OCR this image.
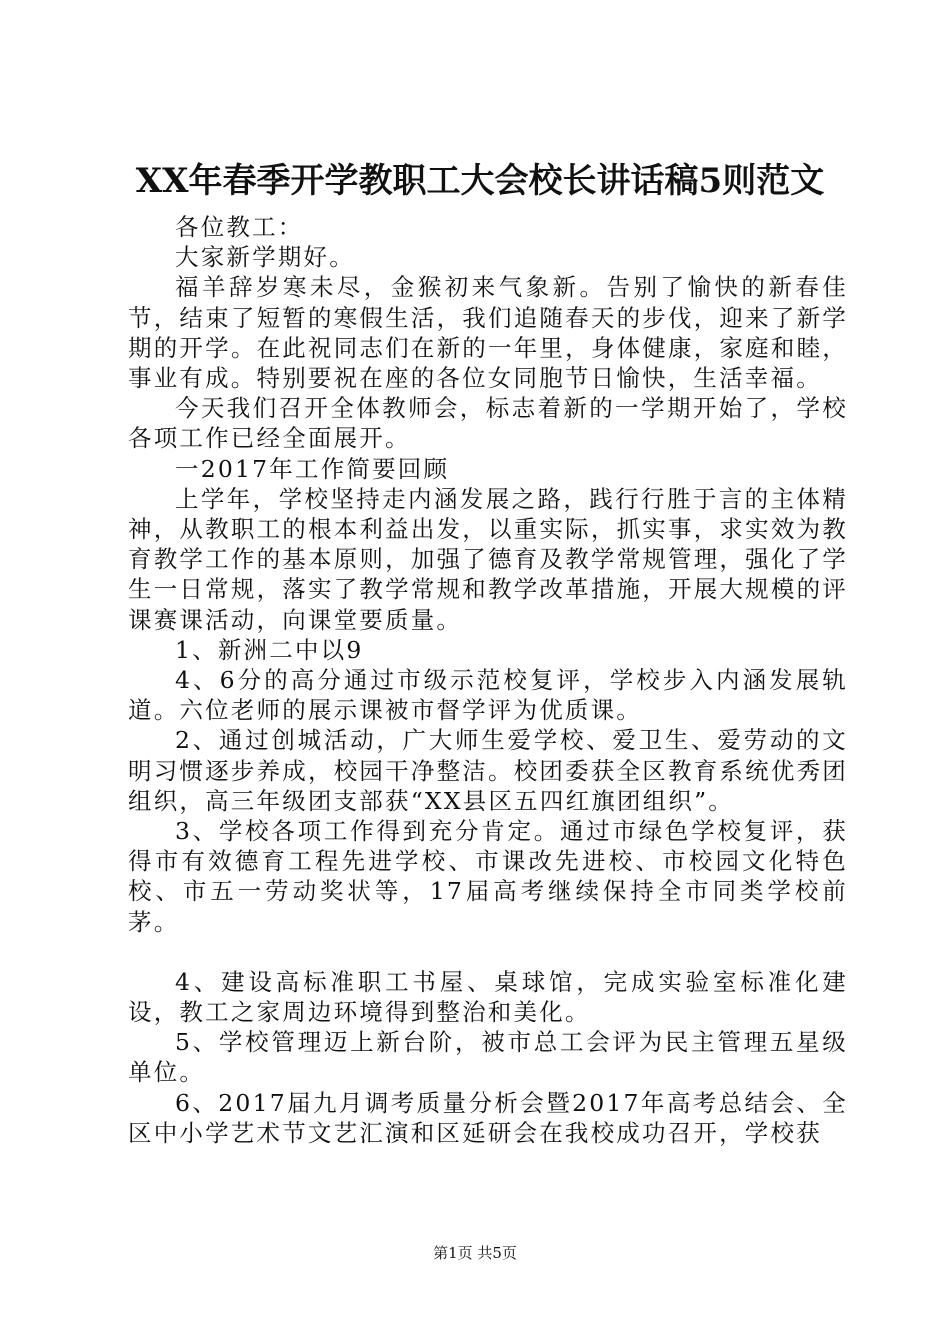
XX年春季开学教职工大会校长讲话稿5则范文

各位教工：

大家新学期好。

福羊辞岁寒未尽，金猴初来气象新。告别了愉快的新春佳节，结束了短暂的寒假生活，我们追随春天的步伐，迎来了新学期的开学。在此祝同志们在新的一年里，身体健康，家庭和睦，事业有成。特别要祝在座的各位女同胞节日愉快，生活幸福。

今天我们召开全体教师会，标志着新的一学期开始了，学校各项工作已经全面展开。

一2017年工作简要回顾

上学年，学校坚持走内涵发展之路，践行行胜于言的主体精神，从教职工的根本利益出发，以重实际，抓实事，求实效为教育教学工作的基本原则，加强了德育及教学常规管理，强化了学生一日常规，落实了教学常规和教学改革措施，开展大规模的评课赛课活动，向课堂要质量。

1、新洲二中以9

4、6分的高分通过市级示范校复评，学校步入内涵发展轨道。六位老师的展示课被市督学评为优质课。

2、通过创城活动，广大师生爱学校、爱卫生、爱劳动的文明习惯逐步养成，校园干净整洁。校团委获全区教育系统优秀团组织，高三年级团支部获“XX县区五四红旗团组织”。

3、学校各项工作得到充分肯定。通过市绿色学校复评，获得市有效德育工程先进学校、市课改先进校、市校园文化特色校、市五一劳动奖状等，17届高考继续保持全市同类学校前茅。

4、建设高标准职工书屋、桌球馆，完成实验室标准化建设，教工之家周边环境得到整治和美化。

5、学校管理迈上新台阶，被市总工会评为民主管理五星级单位。

6、2017届九月调考质量分析会暨2017年高考总结会、全区中小学艺术节文艺汇演和区延研会在我校成功召开，学校获

第1页 共5页
